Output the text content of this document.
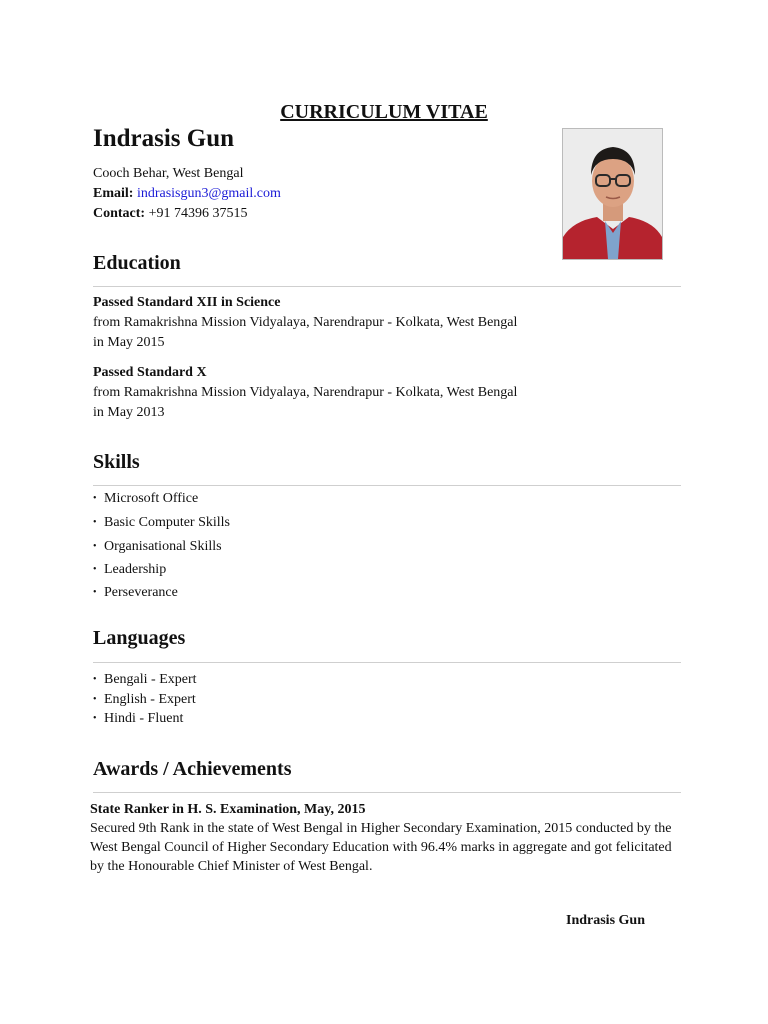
CURRICULUM VITAE
Indrasis Gun
Cooch Behar, West Bengal
Email: indrasisgun3@gmail.com
Contact: +91 74396 37515
Education
Passed Standard XII in Science
from Ramakrishna Mission Vidyalaya, Narendrapur - Kolkata, West Bengal
in May 2015
Passed Standard X
from Ramakrishna Mission Vidyalaya, Narendrapur - Kolkata, West Bengal
in May 2013
Skills
• Microsoft Office
• Basic Computer Skills
• Organisational Skills
• Leadership
• Perseverance
Languages
• Bengali - Expert
• English - Expert
• Hindi - Fluent
Awards / Achievements
State Ranker in H. S. Examination, May, 2015
Secured 9th Rank in the state of West Bengal in Higher Secondary Examination, 2015 conducted by the
West Bengal Council of Higher Secondary Education with 96.4% marks in aggregate and got felicitated
by the Honourable Chief Minister of West Bengal.
Indrasis Gun
